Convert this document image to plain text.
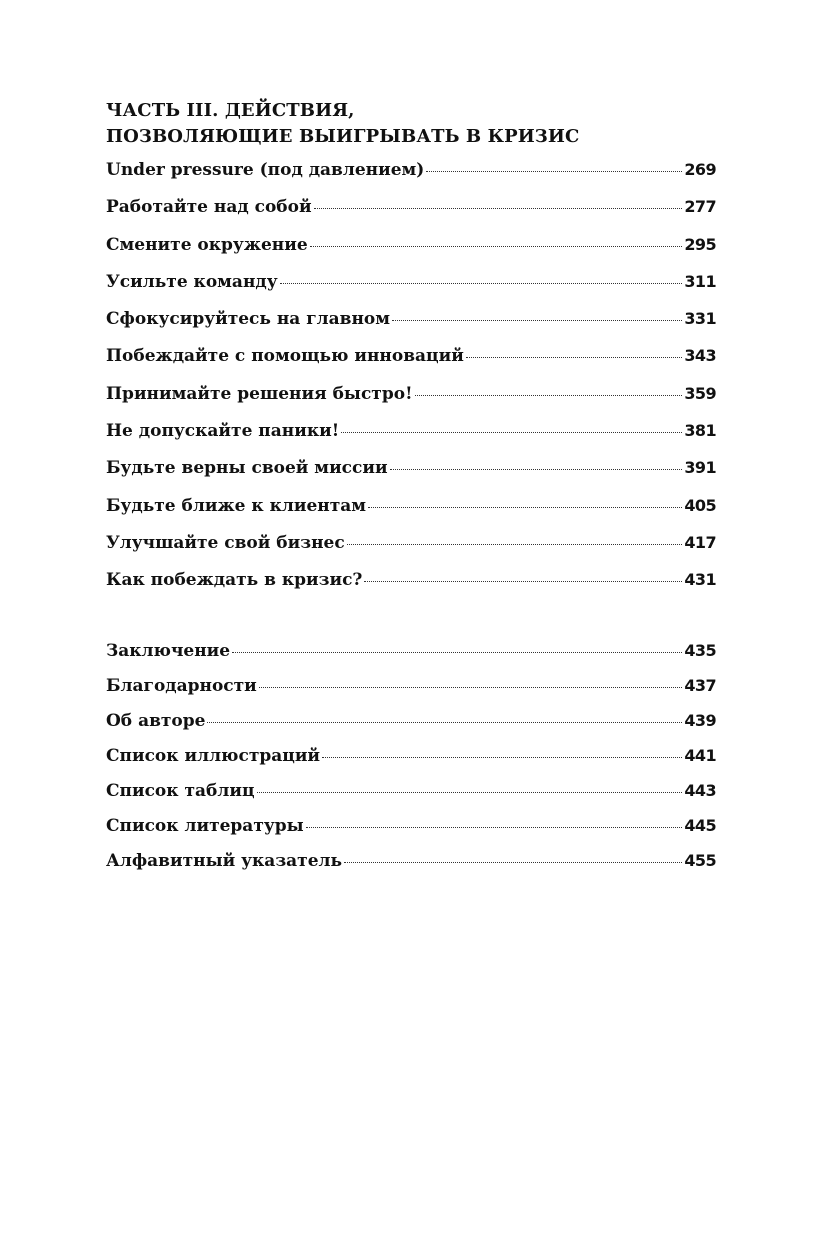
ЧАСТЬ III. ДЕЙСТВИЯ,
ПОЗВОЛЯЮЩИЕ ВЫИГРЫВАТЬ В КРИЗИС
Under pressure (под давлением)	269
Работайте над собой	277
Смените окружение	295
Усильте команду	311
Сфокусируйтесь на главном	331
Побеждайте с помощью инноваций	343
Принимайте решения быстро!	359
Не допускайте паники!	381
Будьте верны своей миссии	391
Будьте ближе к клиентам	405
Улучшайте свой бизнес	417
Как побеждать в кризис?	431
Заключение	435
Благодарности	437
Об авторе	439
Список иллюстраций	441
Список таблиц	443
Список литературы	445
Алфавитный указатель	455
